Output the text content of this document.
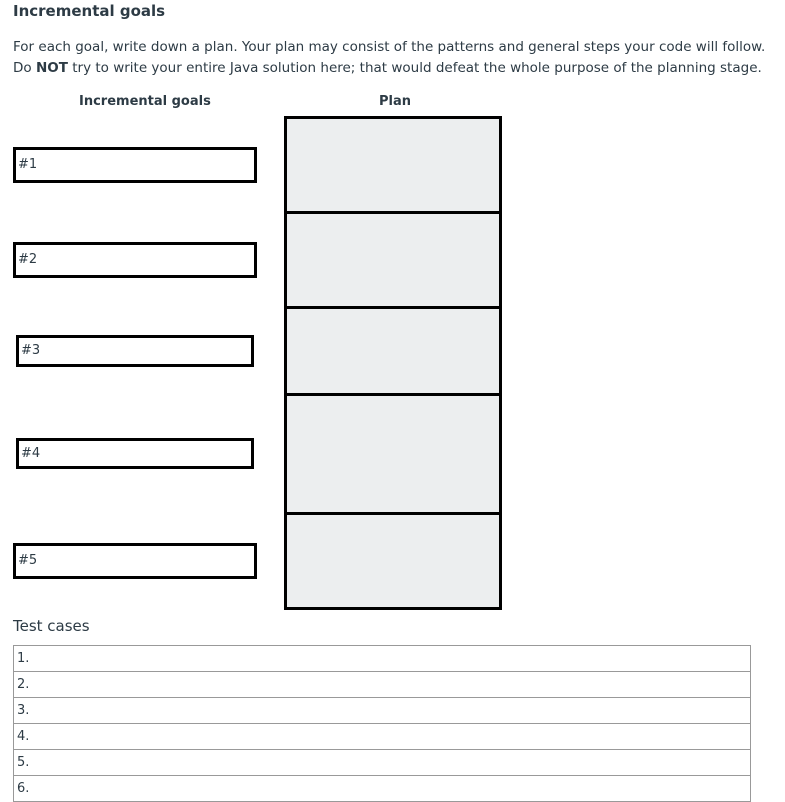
Incremental goals
For each goal, write down a plan. Your plan may consist of the patterns and general steps your code will follow. Do NOT try to write your entire Java solution here; that would defeat the whole purpose of the planning stage.
Incremental goals	Plan
#1
#2
#3
#4
#5
Test cases
1.
2.
3.
4.
5.
6.
